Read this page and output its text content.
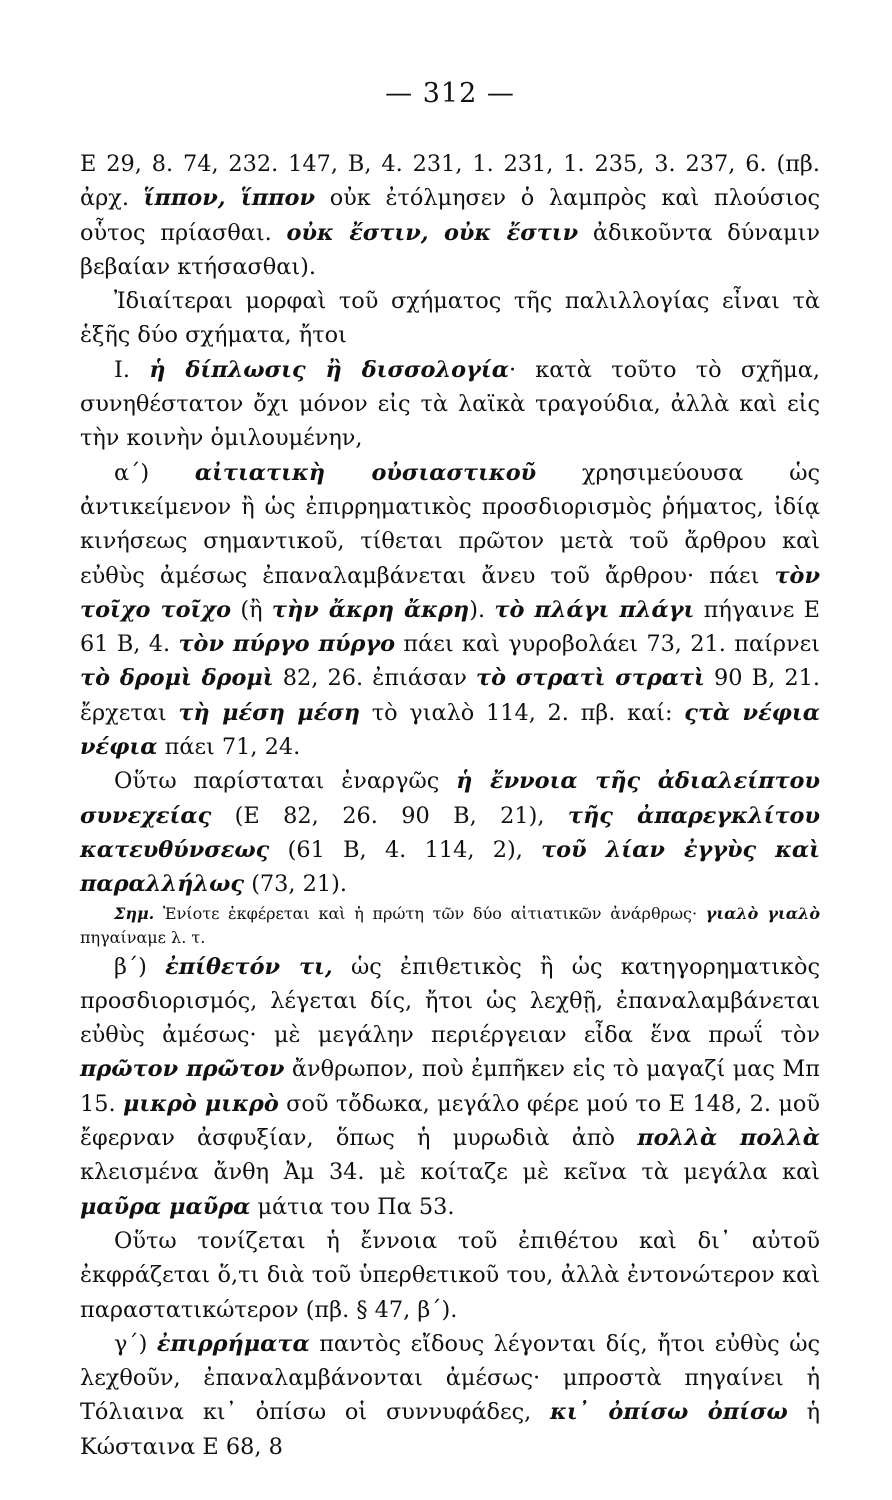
— 312 —

Ε 29, 8. 74, 232. 147, Β, 4. 231, 1. 231, 1. 235, 3. 237, 6. (πβ. ἀρχ. ἵππον, ἵππον οὐκ ἐτόλμησεν ὁ λαμπρὸς καὶ πλούσιος οὗτος πρίασθαι. οὐκ ἔστιν, οὐκ ἔστιν ἀδικοῦντα δύναμιν βεβαίαν κτήσασθαι).

Ἰδιαίτεραι μορφαὶ τοῦ σχήματος τῆς παλιλλογίας εἶναι τὰ ἑξῆς δύο σχήματα, ἤτοι

Ι. ἡ δίπλωσις ἢ δισσολογία· κατὰ τοῦτο τὸ σχῆμα, συνηθέστατον ὄχι μόνον εἰς τὰ λαϊκὰ τραγούδια, ἀλλὰ καὶ εἰς τὴν κοινὴν ὁμιλουμένην,

α΄) αἰτιατικὴ οὐσιαστικοῦ χρησιμεύουσα ὡς ἀντικείμενον ἢ ὡς ἐπιρρηματικὸς προσδιορισμὸς ῥήματος, ἰδίᾳ κινήσεως σημαντικοῦ, τίθεται πρῶτον μετὰ τοῦ ἄρθρου καὶ εὐθὺς ἀμέσως ἐπαναλαμβάνεται ἄνευ τοῦ ἄρθρου· πάει τὸν τοῖχο τοῖχο (ἢ τὴν ἄκρη ἄκρη). τὸ πλάγι πλάγι πήγαινε Ε 61 Β, 4. τὸν πύργο πύργο πάει καὶ γυροβολάει 73, 21. παίρνει τὸ δρομὶ δρομὶ 82, 26. ἐπιάσαν τὸ στρατὶ στρατὶ 90 Β, 21. ἔρχεται τὴ μέση μέση τὸ γιαλὸ 114, 2. πβ. καί: ςτὰ νέφια νέφια πάει 71, 24.

Οὕτω παρίσταται ἐναργῶς ἡ ἔννοια τῆς ἀδιαλείπτου συνεχείας (Ε 82, 26. 90 Β, 21), τῆς ἀπαρεγκλίτου κατευθύνσεως (61 Β, 4. 114, 2), τοῦ λίαν ἐγγὺς καὶ παραλλήλως (73, 21).

Σημ. Ἐνίοτε ἐκφέρεται καὶ ἡ πρώτη τῶν δύο αἰτιατικῶν ἀνάρθρως· γιαλὸ γιαλὸ πηγαίναμε λ. τ.

β΄) ἐπίθετόν τι, ὡς ἐπιθετικὸς ἢ ὡς κατηγορηματικὸς προσδιορισμός, λέγεται δίς, ἤτοι ὡς λεχθῇ, ἐπαναλαμβάνεται εὐθὺς ἀμέσως· μὲ μεγάλην περιέργειαν εἶδα ἕνα πρωΐ τὸν πρῶτον πρῶτον ἄνθρωπον, ποὺ ἐμπῆκεν εἰς τὸ μαγαζί μας Μπ 15. μικρὸ μικρὸ σοῦ τὄδωκα, μεγάλο φέρε μού το Ε 148, 2. μοῦ ἔφερναν ἀσφυξίαν, ὅπως ἡ μυρωδιὰ ἀπὸ πολλὰ πολλὰ κλεισμένα ἄνθη Ἀμ 34. μὲ κοίταζε μὲ κεῖνα τὰ μεγάλα καὶ μαῦρα μαῦρα μάτια του Πα 53.

Οὕτω τονίζεται ἡ ἔννοια τοῦ ἐπιθέτου καὶ δι᾽ αὐτοῦ ἐκφράζεται ὅ,τι διὰ τοῦ ὑπερθετικοῦ του, ἀλλὰ ἐντονώτερον καὶ παραστατικώτερον (πβ. § 47, β΄).

γ΄) ἐπιρρήματα παντὸς εἴδους λέγονται δίς, ἤτοι εὐθὺς ὡς λεχθοῦν, ἐπαναλαμβάνονται ἀμέσως· μπροστὰ πηγαίνει ἡ Τόλιαινα κι᾽ ὀπίσω οἱ συννυφάδες, κι᾽ ὀπίσω ὀπίσω ἡ Κώσταινα Ε 68, 8
